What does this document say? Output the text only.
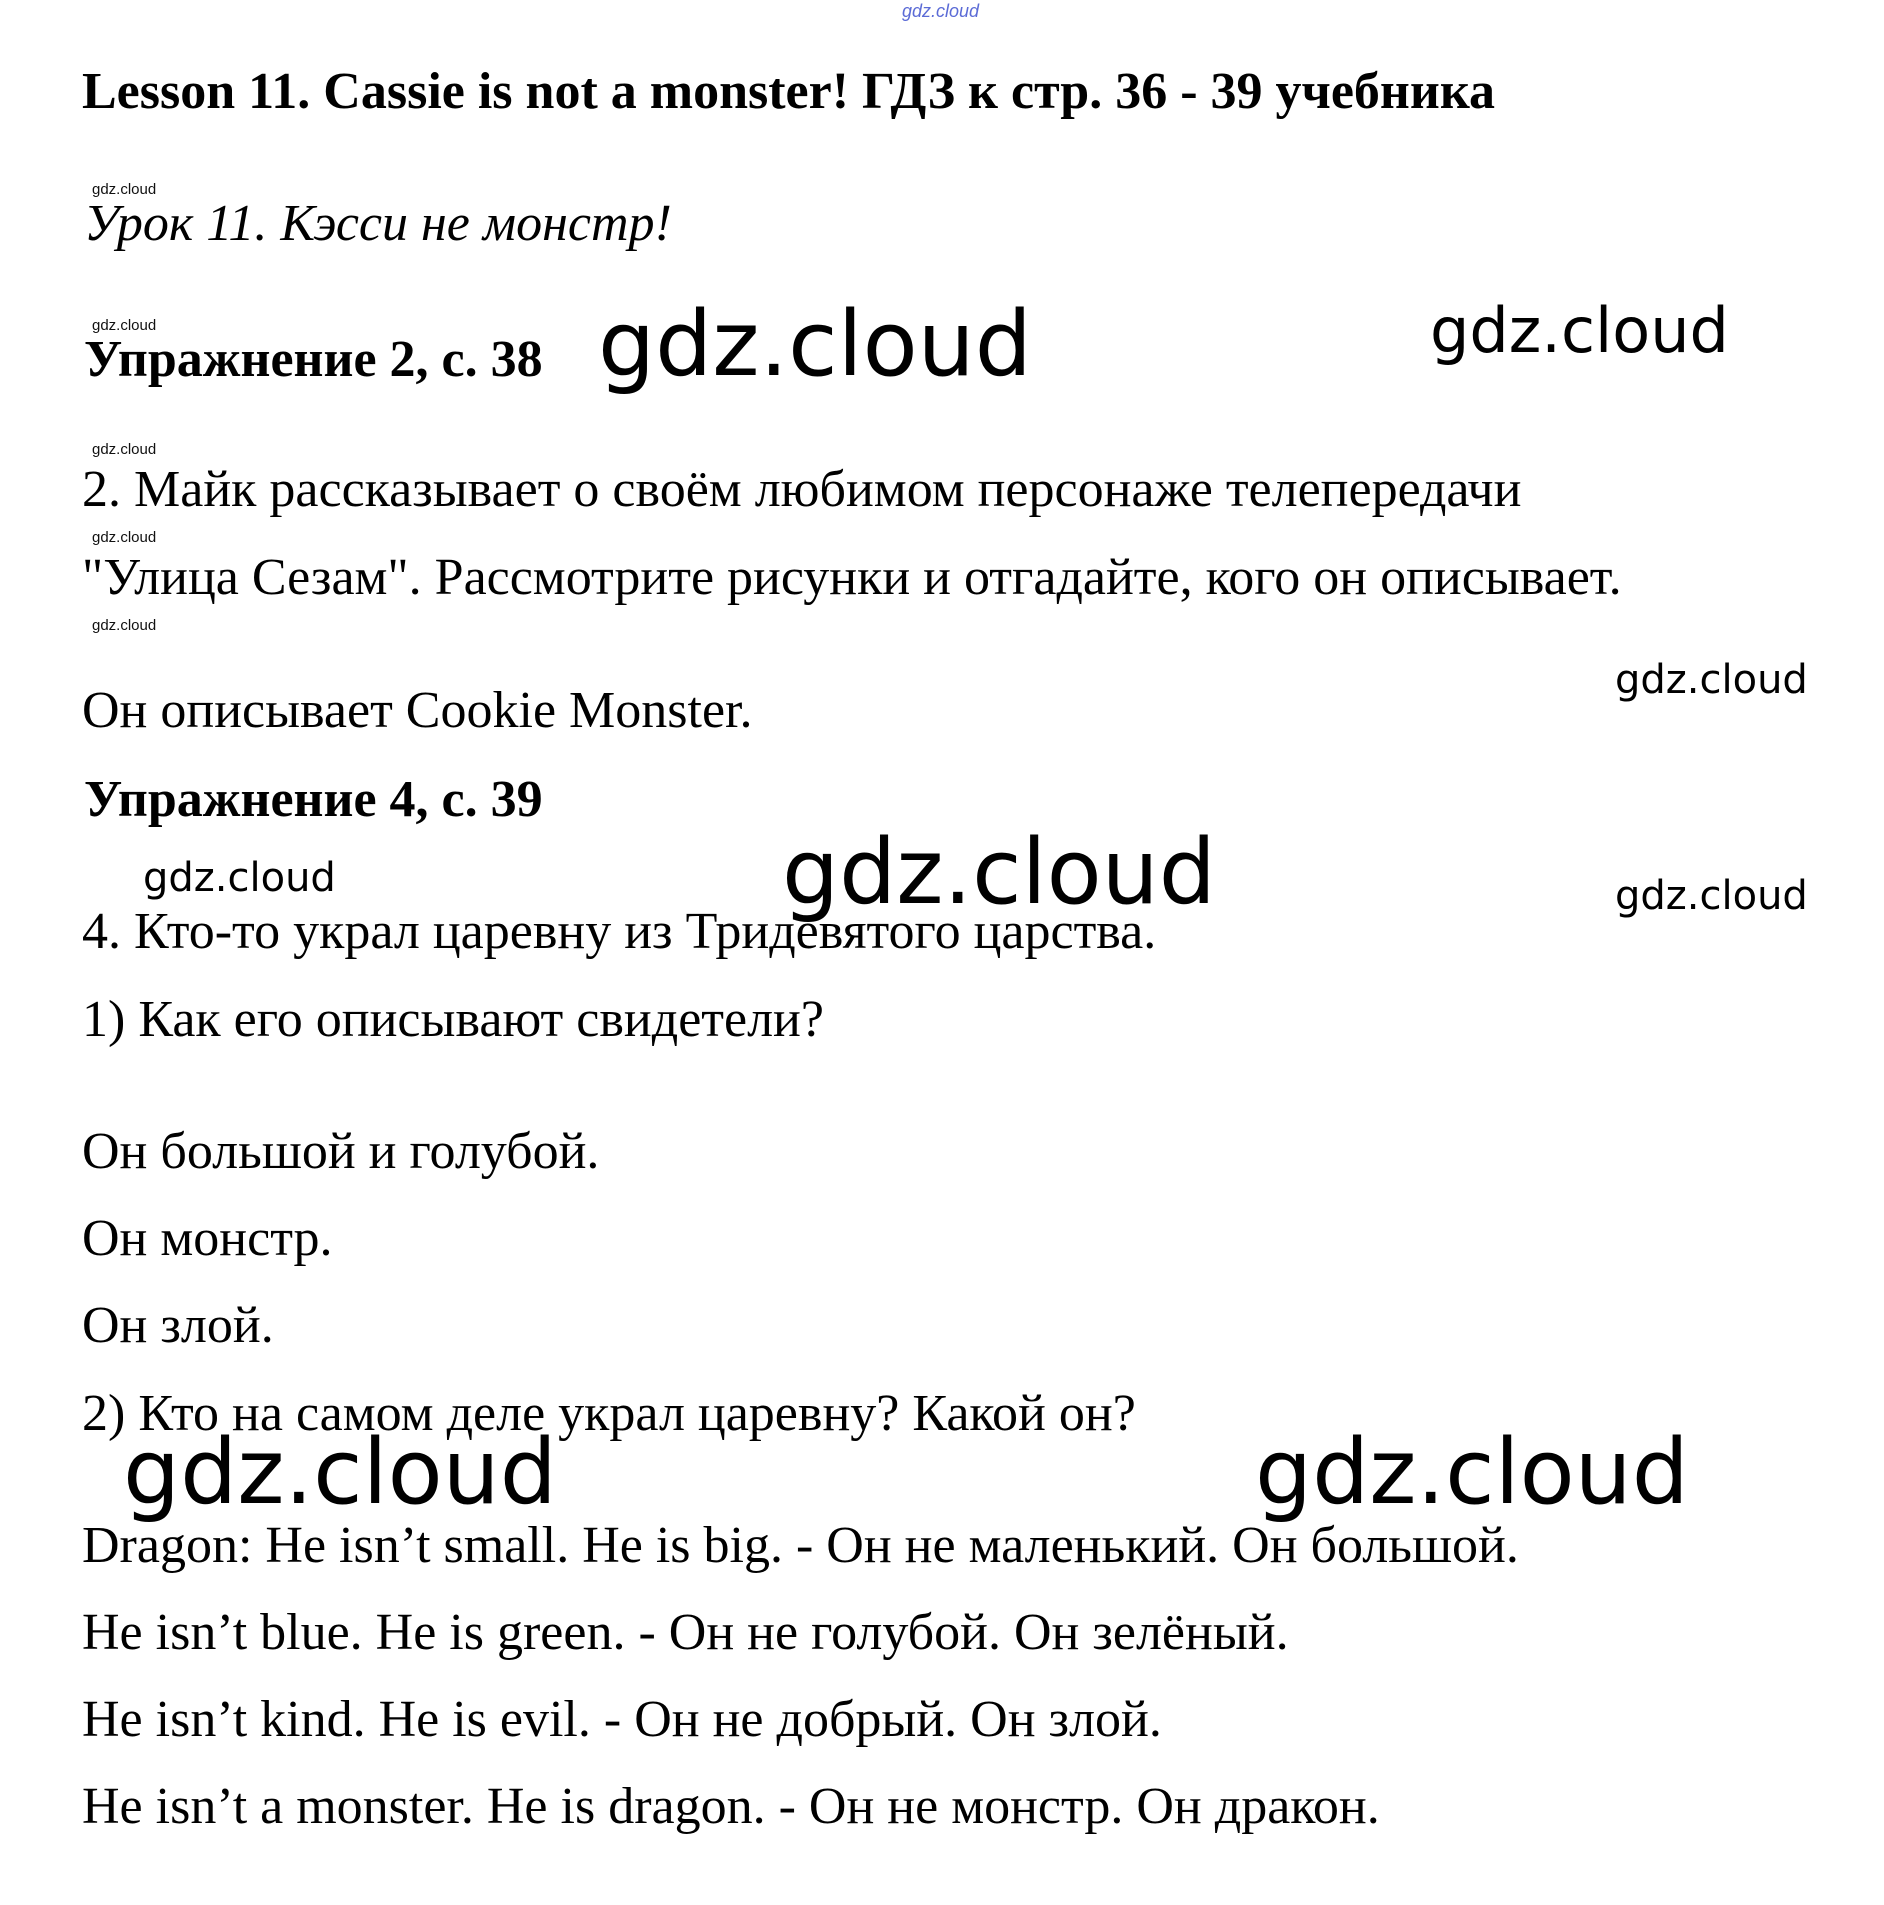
gdz.cloud
gdz.cloud
gdz.cloud
gdz.cloud
gdz.cloud
gdz.cloud
gdz.cloud
gdz.cloud
gdz.cloud
gdz.cloud
gdz.cloud
gdz.cloud
gdz.cloud	gdz.cloud
Lesson 11. Cassie is not a monster! ГДЗ к стр. 36 - 39 учебника
Урок 11. Кэсси не монстр!
Упражнение 2, с. 38
2. Майк рассказывает о своём любимом персонаже телепередачи
"Улица Сезам". Рассмотрите рисунки и отгадайте, кого он описывает.
Он описывает Cookie Monster.
Упражнение 4, с. 39
4. Кто-то украл царевну из Тридевятого царства.
1) Как его описывают свидетели?
Он большой и голубой.
Он монстр.
Он злой.
2) Кто на самом деле украл царевну? Какой он?
Dragon: He isn’t small. He is big. - Он не маленький. Он большой.
He isn’t blue. He is green. - Он не голубой. Он зелёный.
He isn’t kind. He is evil. - Он не добрый. Он злой.
He isn’t a monster. He is dragon. - Он не монстр. Он дракон.
